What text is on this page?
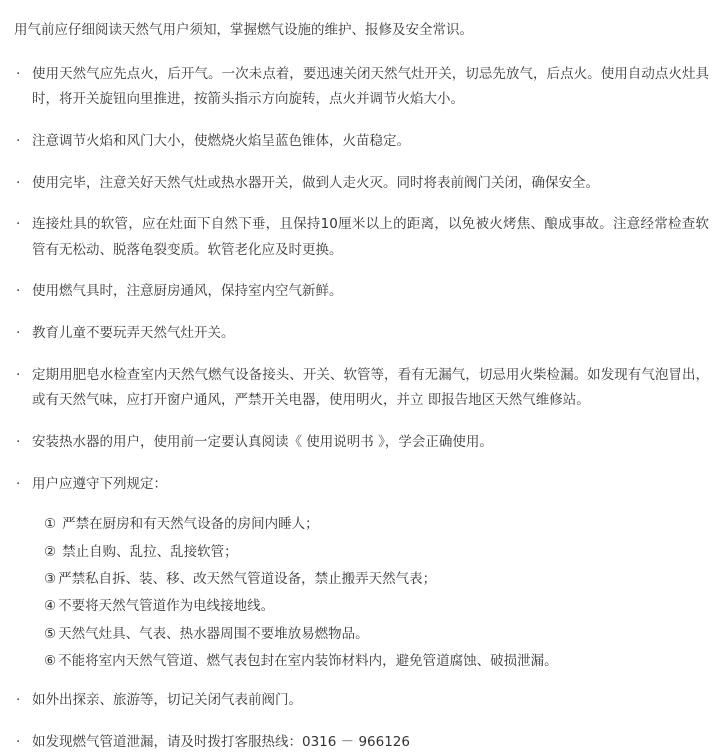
用气前应仔细阅读天然气用户须知，掌握燃气设施的维护、报修及安全常识。

· 使用天然气应先点火，后开气。一次未点着，要迅速关闭天然气灶开关，切忌先放气，后点火。使用自动点火灶具时，将开关旋钮向里推进，按箭头指示方向旋转，点火并调节火焰大小。
· 注意调节火焰和风门大小，使燃烧火焰呈蓝色锥体，火苗稳定。
· 使用完毕，注意关好天然气灶或热水器开关，做到人走火灭。同时将表前阀门关闭，确保安全。
· 连接灶具的软管，应在灶面下自然下垂，且保持10厘米以上的距离，以免被火烤焦、酿成事故。注意经常检查软管有无松动、脱落龟裂变质。软管老化应及时更换。
· 使用燃气具时，注意厨房通风，保持室内空气新鲜。
· 教育儿童不要玩弄天然气灶开关。
· 定期用肥皂水检查室内天然气燃气设备接头、开关、软管等，看有无漏气，切忌用火柴检漏。如发现有气泡冒出，或有天然气味，应打开窗户通风，严禁开关电器，使用明火，并立 即报告地区天然气维修站。
· 安装热水器的用户，使用前一定要认真阅读《 使用说明书 》，学会正确使用。
· 用户应遵守下列规定：
① 严禁在厨房和有天然气设备的房间内睡人；
② 禁止自购、乱拉、乱接软管；
③ 严禁私自拆、装、移、改天然气管道设备，禁止搬弄天然气表；
④ 不要将天然气管道作为电线接地线。
⑤ 天然气灶具、气表、热水器周围不要堆放易燃物品。
⑥ 不能将室内天然气管道、燃气表包封在室内装饰材料内，避免管道腐蚀、破损泄漏。
· 如外出探亲、旅游等，切记关闭气表前阀门。
· 如发现燃气管道泄漏，请及时拨打客服热线：0316 － 966126
